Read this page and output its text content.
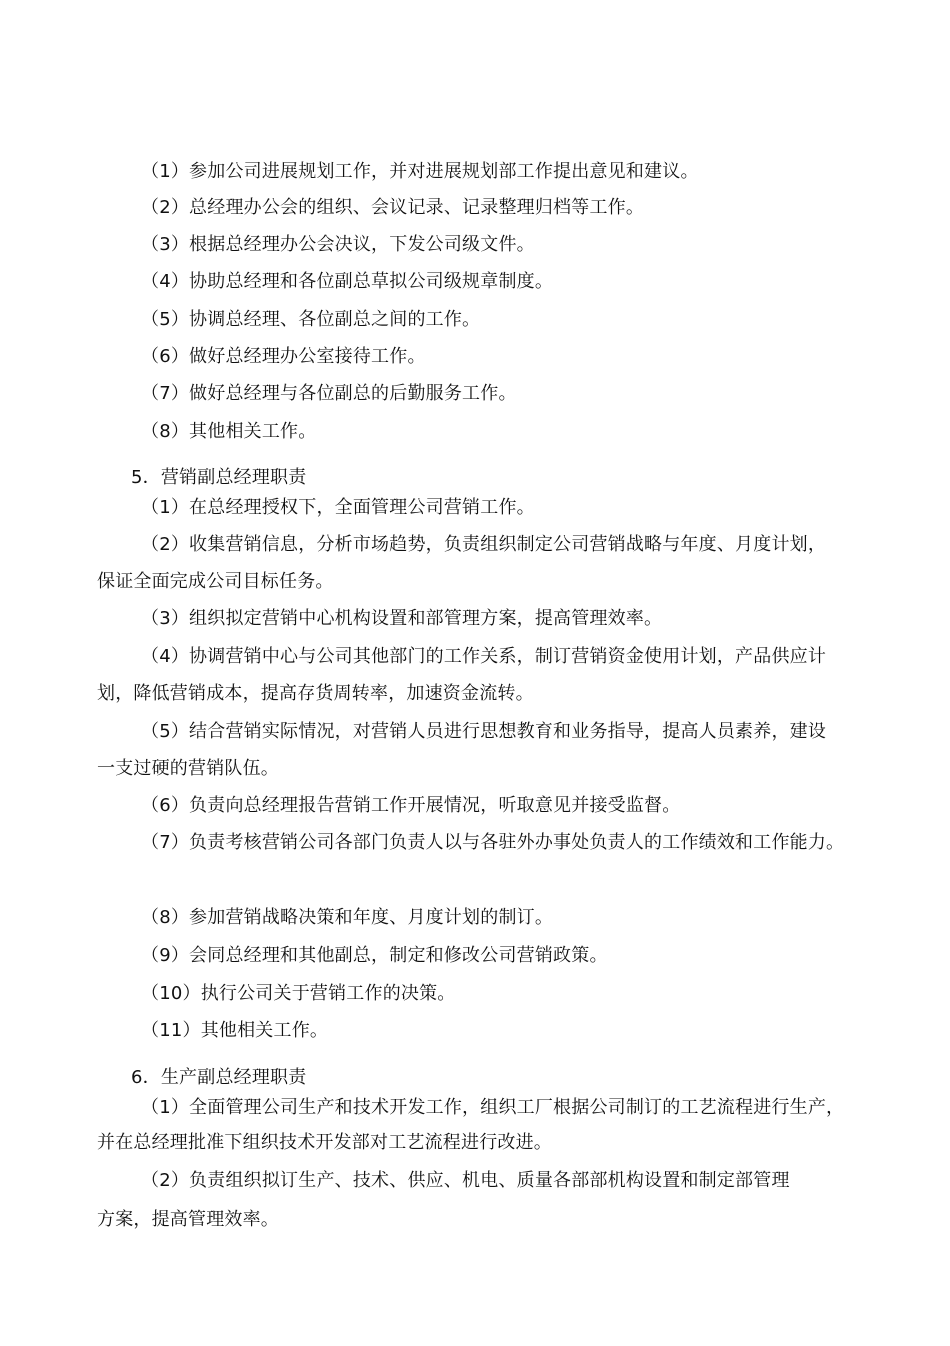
（1）参加公司进展规划工作，并对进展规划部工作提出意见和建议。
（2）总经理办公会的组织、会议记录、记录整理归档等工作。
（3）根据总经理办公会决议，下发公司级文件。
（4）协助总经理和各位副总草拟公司级规章制度。
（5）协调总经理、各位副总之间的工作。
（6）做好总经理办公室接待工作。
（7）做好总经理与各位副总的后勤服务工作。
（8）其他相关工作。
5．营销副总经理职责
（1）在总经理授权下，全面管理公司营销工作。
（2）收集营销信息，分析市场趋势，负责组织制定公司营销战略与年度、月度计划，
保证全面完成公司目标任务。
（3）组织拟定营销中心机构设置和部管理方案，提高管理效率。
（4）协调营销中心与公司其他部门的工作关系，制订营销资金使用计划，产品供应计
划，降低营销成本，提高存货周转率，加速资金流转。
（5）结合营销实际情况，对营销人员进行思想教育和业务指导，提高人员素养，建设
一支过硬的营销队伍。
（6）负责向总经理报告营销工作开展情况，听取意见并接受监督。
（7）负责考核营销公司各部门负责人以与各驻外办事处负责人的工作绩效和工作能力。
（8）参加营销战略决策和年度、月度计划的制订。
（9）会同总经理和其他副总，制定和修改公司营销政策。
（10）执行公司关于营销工作的决策。
（11）其他相关工作。
6．生产副总经理职责
（1）全面管理公司生产和技术开发工作，组织工厂根据公司制订的工艺流程进行生产，
并在总经理批准下组织技术开发部对工艺流程进行改进。
（2）负责组织拟订生产、技术、供应、机电、质量各部部机构设置和制定部管理
方案，提高管理效率。
